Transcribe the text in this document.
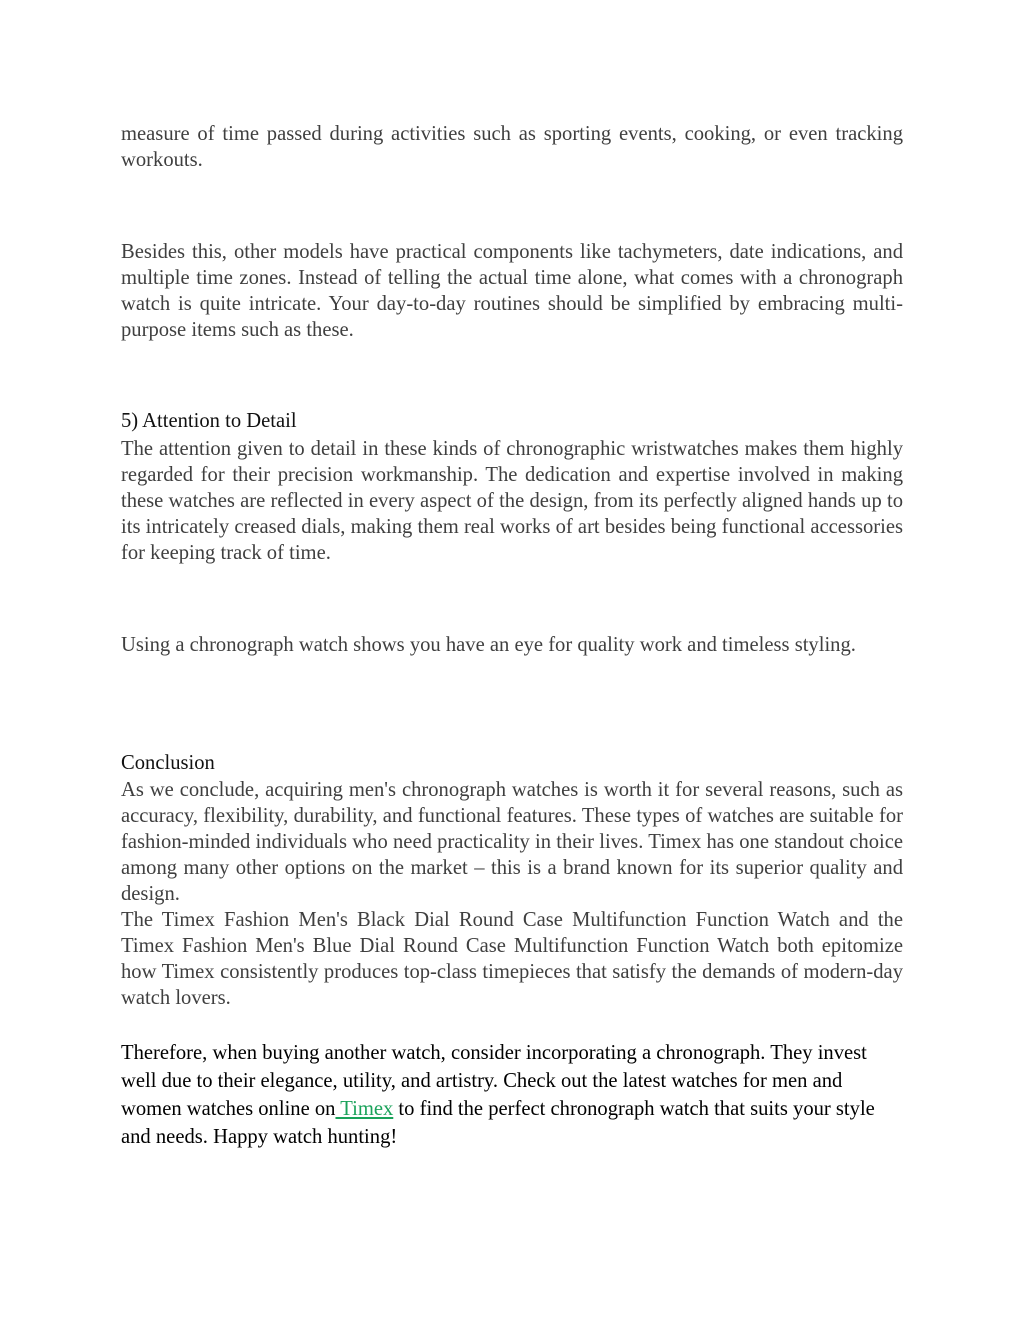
measure of time passed during activities such as sporting events, cooking, or even tracking workouts.

Besides this, other models have practical components like tachymeters, date indications, and multiple time zones. Instead of telling the actual time alone, what comes with a chronograph watch is quite intricate. Your day-to-day routines should be simplified by embracing multi-purpose items such as these.

5) Attention to Detail

The attention given to detail in these kinds of chronographic wristwatches makes them highly regarded for their precision workmanship. The dedication and expertise involved in making these watches are reflected in every aspect of the design, from its perfectly aligned hands up to its intricately creased dials, making them real works of art besides being functional accessories for keeping track of time.

Using a chronograph watch shows you have an eye for quality work and timeless styling.

Conclusion

As we conclude, acquiring men's chronograph watches is worth it for several reasons, such as accuracy, flexibility, durability, and functional features. These types of watches are suitable for fashion-minded individuals who need practicality in their lives. Timex has one standout choice among many other options on the market – this is a brand known for its superior quality and design.

The Timex Fashion Men's Black Dial Round Case Multifunction Function Watch and the Timex Fashion Men's Blue Dial Round Case Multifunction Function Watch both epitomize how Timex consistently produces top-class timepieces that satisfy the demands of modern-day watch lovers.

Therefore, when buying another watch, consider incorporating a chronograph. They invest well due to their elegance, utility, and artistry. Check out the latest watches for men and women watches online on Timex to find the perfect chronograph watch that suits your style and needs. Happy watch hunting!
